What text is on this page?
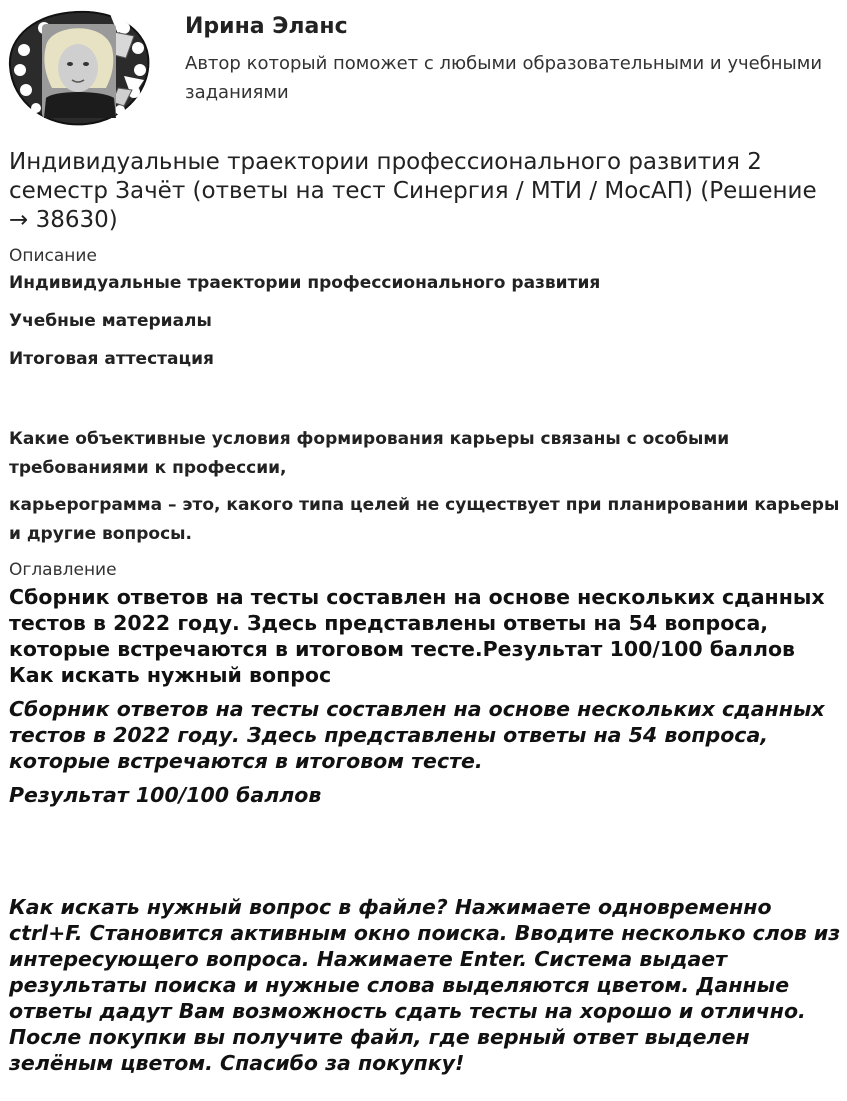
Ирина Эланс
Автор который поможет с любыми образовательными и учебными заданиями
Индивидуальные траектории профессионального развития 2 семестр Зачёт (ответы на тест Синергия / МТИ / МосАП) (Решение → 38630)
Описание
Индивидуальные траектории профессионального развития
Учебные материалы
Итоговая аттестация
Какие объективные условия формирования карьеры связаны с особыми требованиями к профессии,
карьерограмма – это, какого типа целей не существует при планировании карьеры и другие вопросы.
Оглавление
Сборник ответов на тесты составлен на основе нескольких сданных тестов в 2022 году. Здесь представлены ответы на 54 вопроса, которые встречаются в итоговом тесте.Результат 100/100 баллов Как искать нужный вопрос
Сборник ответов на тесты составлен на основе нескольких сданных тестов в 2022 году. Здесь представлены ответы на 54 вопроса, которые встречаются в итоговом тесте.
Результат 100/100 баллов
Как искать нужный вопрос в файле? Нажимаете одновременно ctrl+F. Становится активным окно поиска. Вводите несколько слов из интересующего вопроса. Нажимаете Enter. Система выдает результаты поиска и нужные слова выделяются цветом. Данные ответы дадут Вам возможность сдать тесты на хорошо и отлично. После покупки вы получите файл, где верный ответ выделен зелёным цветом. Спасибо за покупку!
